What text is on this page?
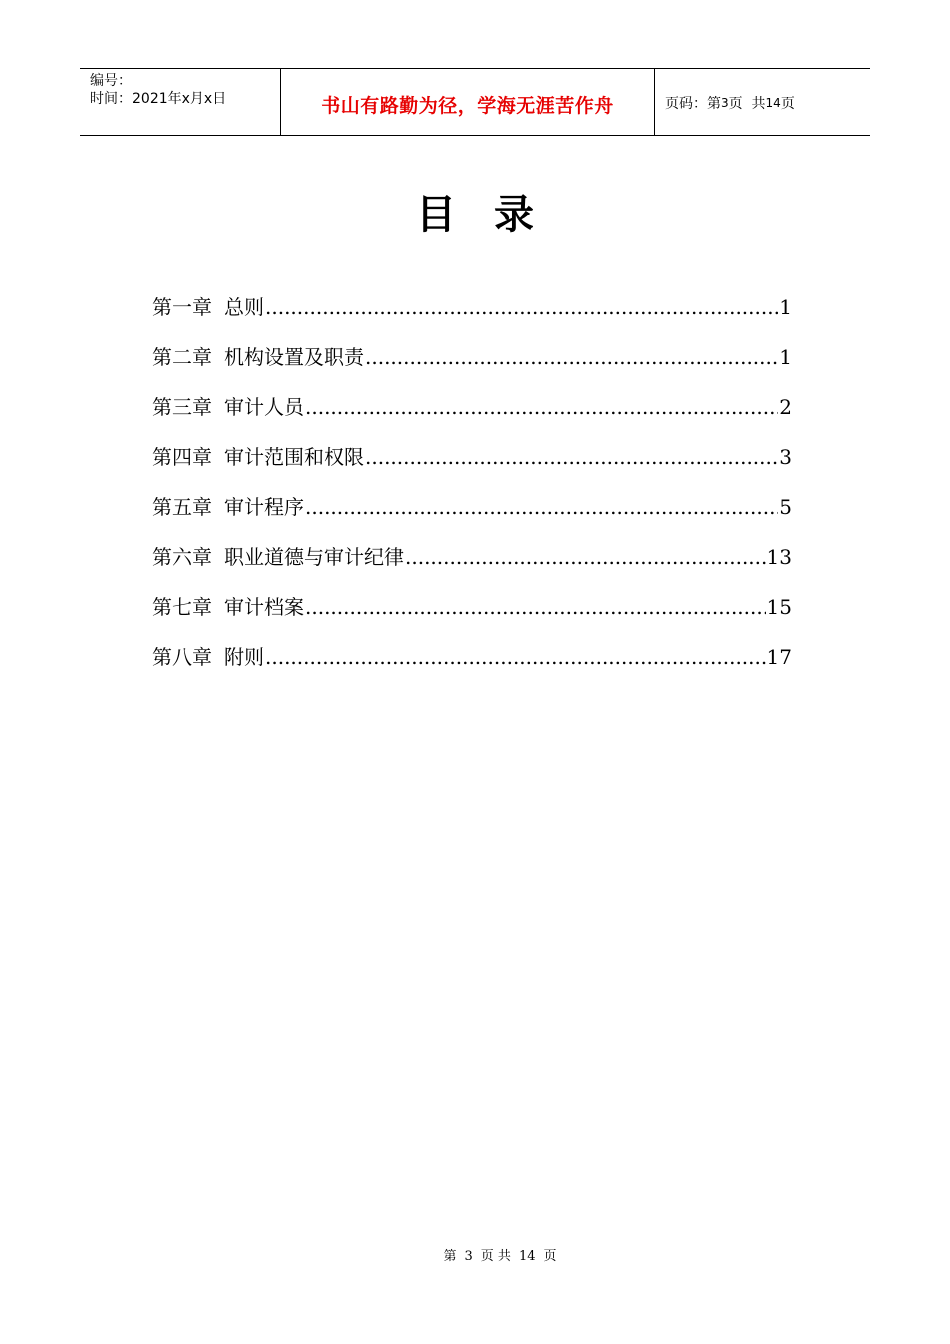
编号：
时间：2021年x月x日	书山有路勤为径，学海无涯苦作舟	页码：第 3 页  共 14 页
目录
第一章 总则 .....	1
第二章 机构设置及职责 .....	1
第三章 审计人员 .....	2
第四章 审计范围和权限 .....	3
第五章 审计程序 .....	5
第六章 职业道德与审计纪律 .....	13
第七章 审计档案 .....	15
第八章 附则 .....	17
第 3 页 共 14 页
